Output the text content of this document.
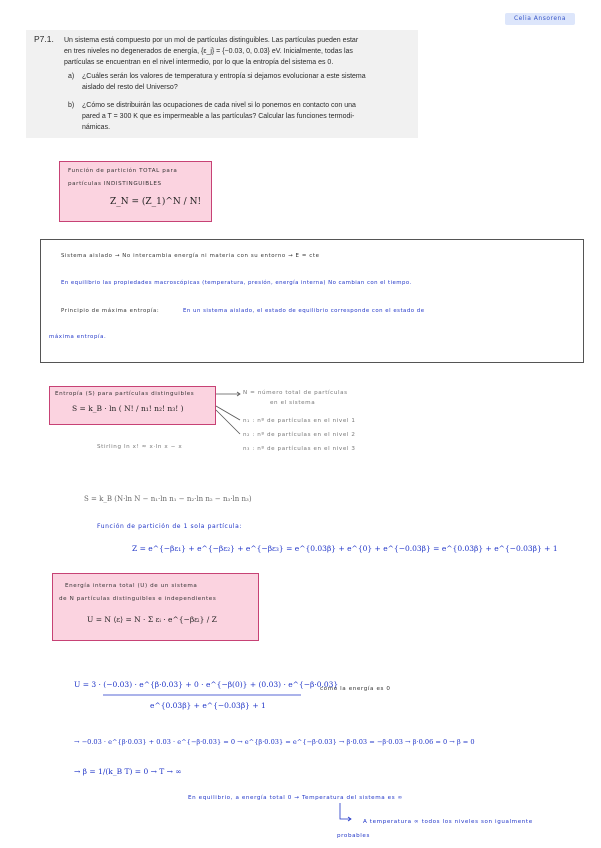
Celia Ansorena
P7.1. Un sistema está compuesto por un mol de partículas distinguibles. Las partículas pueden estar
en tres niveles no degenerados de energía, {ε_j} = {−0.03, 0, 0.03} eV. Inicialmente, todas las
partículas se encuentran en el nivel intermedio, por lo que la entropía del sistema es 0.
a) ¿Cuáles serán los valores de temperatura y entropía si dejamos evolucionar a este sistema
aislado del resto del Universo?
b) ¿Cómo se distribuirán las ocupaciones de cada nivel si lo ponemos en contacto con una
pared a T = 300 K que es impermeable a las partículas? Calcular las funciones termodi-
námicas.
Función de partición TOTAL para
partículas INDISTINGUIBLES
Z_N = (Z_1)^N / N!
Sistema aislado → No intercambia energía ni materia con su entorno → E = cte
En equilibrio las propiedades macroscópicas (temperatura, presión, energía interna) No cambian con el tiempo.
Principio de máxima entropía:	En un sistema aislado, el estado de equilibrio corresponde con el estado de
máxima entropía.
Entropía (S) para partículas distinguibles
S = k_B · ln ( N! / n₁! n₂! n₃! )
N = número total de partículas
en el sistema
n₁ : nº de partículas en el nivel 1
n₂ : nº de partículas en el nivel 2
n₃ : nº de partículas en el nivel 3
Stirling ln x! ≈ x·ln x − x
S = k_B (N·ln N − n₁·ln n₁ − n₂·ln n₂ − n₃·ln n₃)
Función de partición de 1 sola partícula:
Z = e^{−βε₁} + e^{−βε₂} + e^{−βε₃} = e^{0.03β} + e^{0} + e^{−0.03β} = e^{0.03β} + e^{−0.03β} + 1
Energía interna total (U) de un sistema
de N partículas distinguibles e independientes
U = N ⟨ε⟩ = N · Σ εᵢ · e^{−βεᵢ} / Z
U = 3 · (−0.03) · e^{β·0.03} + 0 · e^{−β(0)} + (0.03) · e^{−β·0.03}
e^{0.03β} + e^{−0.03β} + 1
como la energía es 0
→ −0.03 · e^{β·0.03} + 0.03 · e^{−β·0.03} = 0 → e^{β·0.03} = e^{−β·0.03} → β·0.03 = −β·0.03 → β·0.06 = 0 → β = 0
→ β = 1/(k_B T) = 0 → T → ∞
En equilibrio, a energía total 0 → Temperatura del sistema es ∞
A temperatura ∞ todos los niveles son igualmente
probables
